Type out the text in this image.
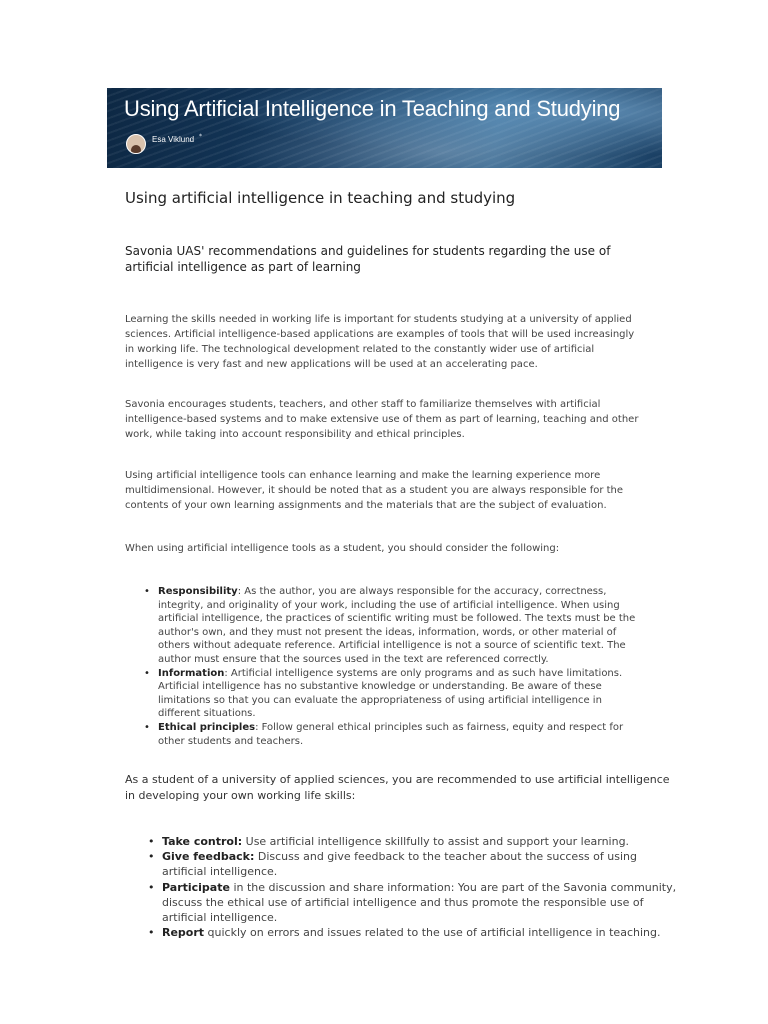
Using Artificial Intelligence in Teaching and Studying
Esa Viklund *
Using artificial intelligence in teaching and studying
Savonia UAS' recommendations and guidelines for students regarding the use of artificial intelligence as part of learning

Learning the skills needed in working life is important for students studying at a university of applied sciences. Artificial intelligence-based applications are examples of tools that will be used increasingly in working life. The technological development related to the constantly wider use of artificial intelligence is very fast and new applications will be used at an accelerating pace.

Savonia encourages students, teachers, and other staff to familiarize themselves with artificial intelligence-based systems and to make extensive use of them as part of learning, teaching and other work, while taking into account responsibility and ethical principles.

Using artificial intelligence tools can enhance learning and make the learning experience more multidimensional. However, it should be noted that as a student you are always responsible for the contents of your own learning assignments and the materials that are the subject of evaluation.

When using artificial intelligence tools as a student, you should consider the following:

• Responsibility: As the author, you are always responsible for the accuracy, correctness, integrity, and originality of your work, including the use of artificial intelligence. When using artificial intelligence, the practices of scientific writing must be followed. The texts must be the author's own, and they must not present the ideas, information, words, or other material of others without adequate reference. Artificial intelligence is not a source of scientific text. The author must ensure that the sources used in the text are referenced correctly.
• Information: Artificial intelligence systems are only programs and as such have limitations. Artificial intelligence has no substantive knowledge or understanding. Be aware of these limitations so that you can evaluate the appropriateness of using artificial intelligence in different situations.
• Ethical principles: Follow general ethical principles such as fairness, equity and respect for other students and teachers.

As a student of a university of applied sciences, you are recommended to use artificial intelligence in developing your own working life skills:

• Take control: Use artificial intelligence skillfully to assist and support your learning.
• Give feedback: Discuss and give feedback to the teacher about the success of using artificial intelligence.
• Participate in the discussion and share information: You are part of the Savonia community, discuss the ethical use of artificial intelligence and thus promote the responsible use of artificial intelligence.
• Report quickly on errors and issues related to the use of artificial intelligence in teaching.
